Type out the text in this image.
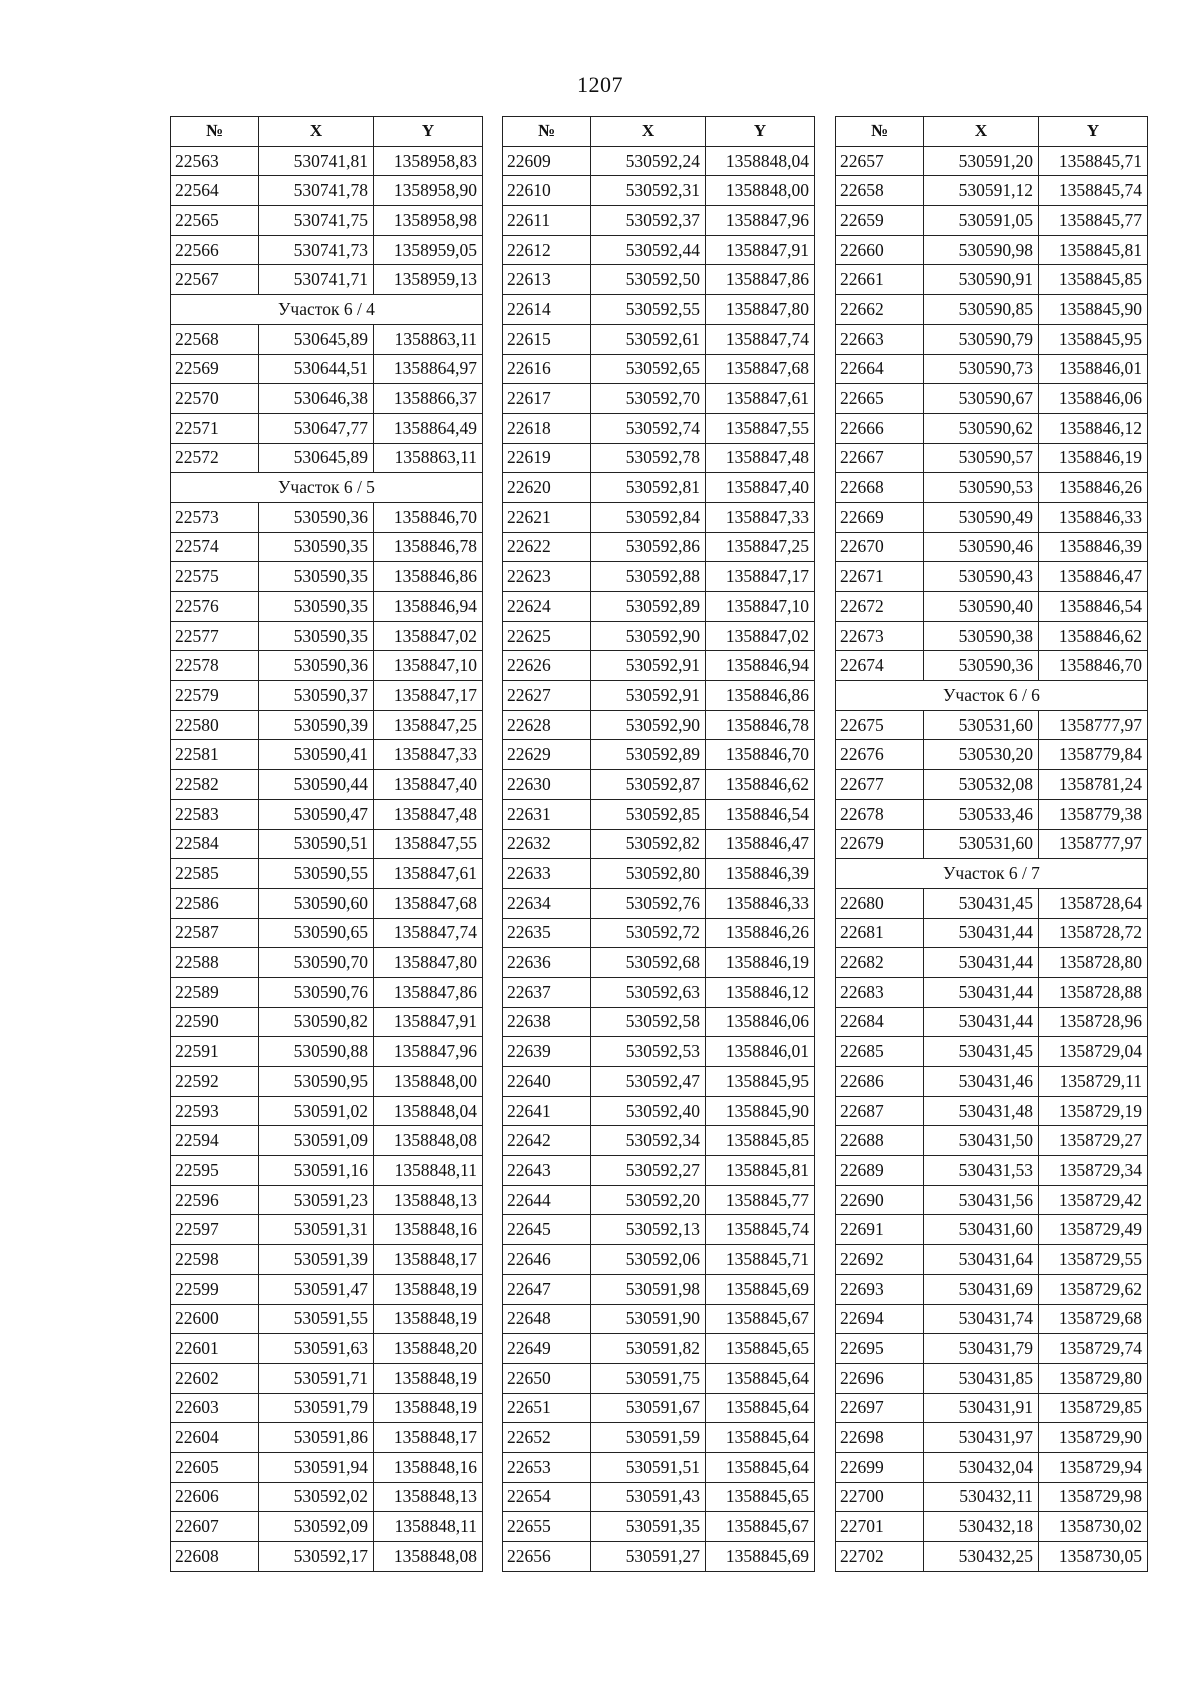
1207
№	X	Y
22563	530741,81	1358958,83
22564	530741,78	1358958,90
22565	530741,75	1358958,98
22566	530741,73	1358959,05
22567	530741,71	1358959,13
Участок 6 / 4		
22568	530645,89	1358863,11
22569	530644,51	1358864,97
22570	530646,38	1358866,37
22571	530647,77	1358864,49
22572	530645,89	1358863,11
Участок 6 / 5		
22573	530590,36	1358846,70
22574	530590,35	1358846,78
22575	530590,35	1358846,86
22576	530590,35	1358846,94
22577	530590,35	1358847,02
22578	530590,36	1358847,10
22579	530590,37	1358847,17
22580	530590,39	1358847,25
22581	530590,41	1358847,33
22582	530590,44	1358847,40
22583	530590,47	1358847,48
22584	530590,51	1358847,55
22585	530590,55	1358847,61
22586	530590,60	1358847,68
22587	530590,65	1358847,74
22588	530590,70	1358847,80
22589	530590,76	1358847,86
22590	530590,82	1358847,91
22591	530590,88	1358847,96
22592	530590,95	1358848,00
22593	530591,02	1358848,04
22594	530591,09	1358848,08
22595	530591,16	1358848,11
22596	530591,23	1358848,13
22597	530591,31	1358848,16
22598	530591,39	1358848,17
22599	530591,47	1358848,19
22600	530591,55	1358848,19
22601	530591,63	1358848,20
22602	530591,71	1358848,19
22603	530591,79	1358848,19
22604	530591,86	1358848,17
22605	530591,94	1358848,16
22606	530592,02	1358848,13
22607	530592,09	1358848,11
22608	530592,17	1358848,08
№	X	Y
22609	530592,24	1358848,04
22610	530592,31	1358848,00
22611	530592,37	1358847,96
22612	530592,44	1358847,91
22613	530592,50	1358847,86
22614	530592,55	1358847,80
22615	530592,61	1358847,74
22616	530592,65	1358847,68
22617	530592,70	1358847,61
22618	530592,74	1358847,55
22619	530592,78	1358847,48
22620	530592,81	1358847,40
22621	530592,84	1358847,33
22622	530592,86	1358847,25
22623	530592,88	1358847,17
22624	530592,89	1358847,10
22625	530592,90	1358847,02
22626	530592,91	1358846,94
22627	530592,91	1358846,86
22628	530592,90	1358846,78
22629	530592,89	1358846,70
22630	530592,87	1358846,62
22631	530592,85	1358846,54
22632	530592,82	1358846,47
22633	530592,80	1358846,39
22634	530592,76	1358846,33
22635	530592,72	1358846,26
22636	530592,68	1358846,19
22637	530592,63	1358846,12
22638	530592,58	1358846,06
22639	530592,53	1358846,01
22640	530592,47	1358845,95
22641	530592,40	1358845,90
22642	530592,34	1358845,85
22643	530592,27	1358845,81
22644	530592,20	1358845,77
22645	530592,13	1358845,74
22646	530592,06	1358845,71
22647	530591,98	1358845,69
22648	530591,90	1358845,67
22649	530591,82	1358845,65
22650	530591,75	1358845,64
22651	530591,67	1358845,64
22652	530591,59	1358845,64
22653	530591,51	1358845,64
22654	530591,43	1358845,65
22655	530591,35	1358845,67
22656	530591,27	1358845,69
№	X	Y
22657	530591,20	1358845,71
22658	530591,12	1358845,74
22659	530591,05	1358845,77
22660	530590,98	1358845,81
22661	530590,91	1358845,85
22662	530590,85	1358845,90
22663	530590,79	1358845,95
22664	530590,73	1358846,01
22665	530590,67	1358846,06
22666	530590,62	1358846,12
22667	530590,57	1358846,19
22668	530590,53	1358846,26
22669	530590,49	1358846,33
22670	530590,46	1358846,39
22671	530590,43	1358846,47
22672	530590,40	1358846,54
22673	530590,38	1358846,62
22674	530590,36	1358846,70
Участок 6 / 6		
22675	530531,60	1358777,97
22676	530530,20	1358779,84
22677	530532,08	1358781,24
22678	530533,46	1358779,38
22679	530531,60	1358777,97
Участок 6 / 7		
22680	530431,45	1358728,64
22681	530431,44	1358728,72
22682	530431,44	1358728,80
22683	530431,44	1358728,88
22684	530431,44	1358728,96
22685	530431,45	1358729,04
22686	530431,46	1358729,11
22687	530431,48	1358729,19
22688	530431,50	1358729,27
22689	530431,53	1358729,34
22690	530431,56	1358729,42
22691	530431,60	1358729,49
22692	530431,64	1358729,55
22693	530431,69	1358729,62
22694	530431,74	1358729,68
22695	530431,79	1358729,74
22696	530431,85	1358729,80
22697	530431,91	1358729,85
22698	530431,97	1358729,90
22699	530432,04	1358729,94
22700	530432,11	1358729,98
22701	530432,18	1358730,02
22702	530432,25	1358730,05
